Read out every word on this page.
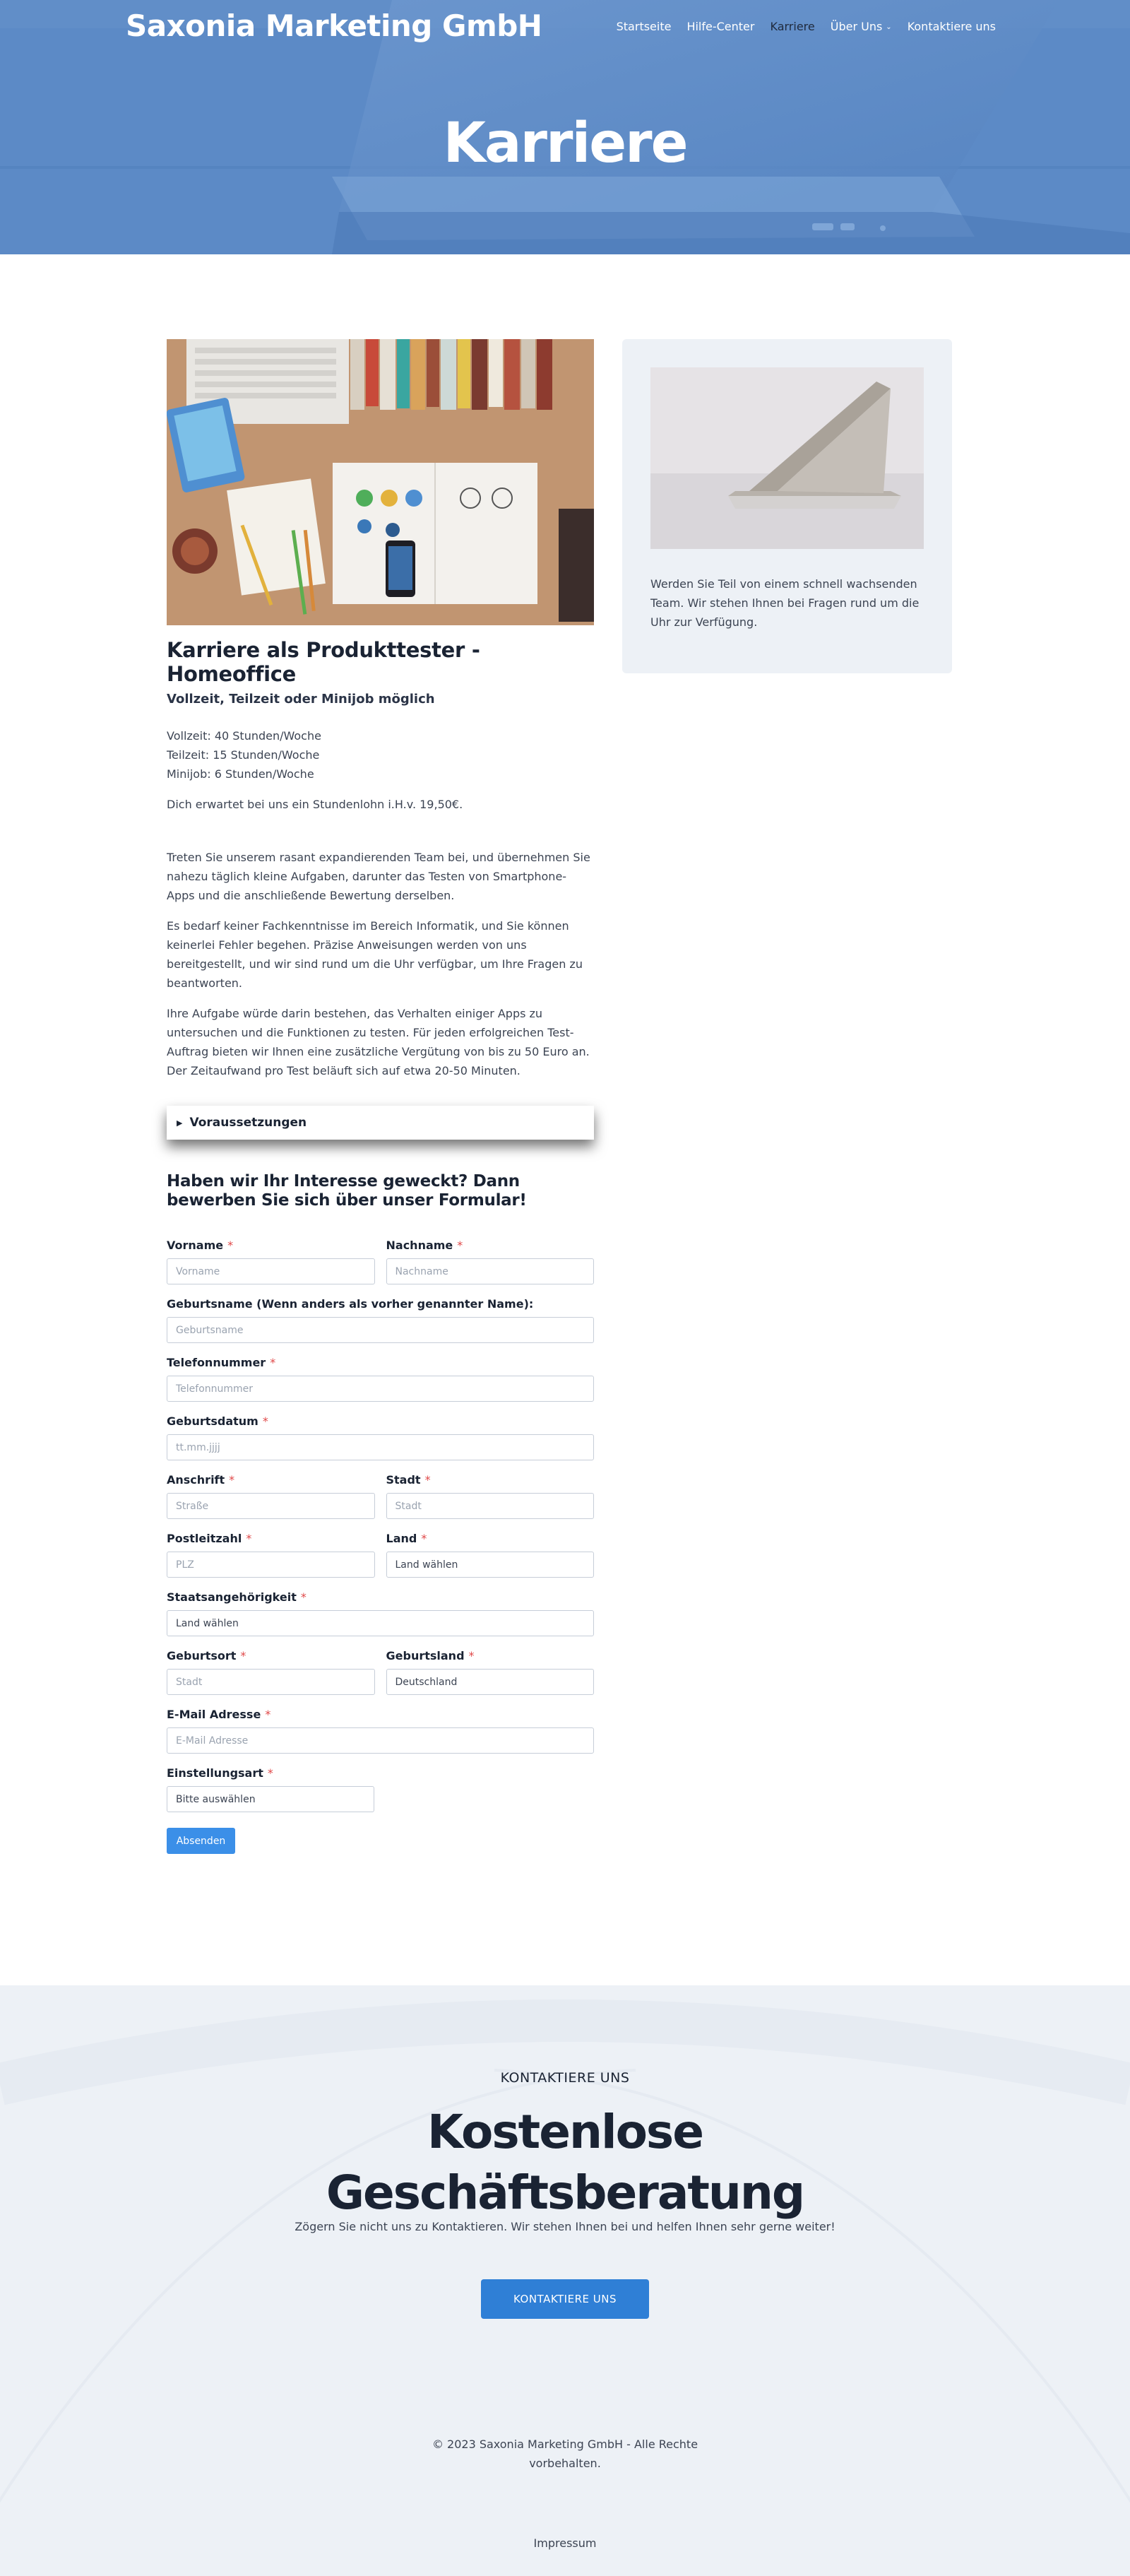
Saxonia Marketing GmbH	Startseite Hilfe-Center Karriere Über Uns ⌄ Kontaktiere uns
Karriere
Karriere als Produkttester - Homeoffice
Vollzeit, Teilzeit oder Minijob möglich
Vollzeit: 40 Stunden/Woche
Teilzeit: 15 Stunden/Woche
Minijob: 6 Stunden/Woche

Dich erwartet bei uns ein Stundenlohn i.H.v. 19,50€.

Treten Sie unserem rasant expandierenden Team bei, und übernehmen Sie nahezu täglich kleine Aufgaben, darunter das Testen von Smartphone-Apps und die anschließende Bewertung derselben.

Es bedarf keiner Fachkenntnisse im Bereich Informatik, und Sie können keinerlei Fehler begehen. Präzise Anweisungen werden von uns bereitgestellt, und wir sind rund um die Uhr verfügbar, um Ihre Fragen zu beantworten.

Ihre Aufgabe würde darin bestehen, das Verhalten einiger Apps zu untersuchen und die Funktionen zu testen. Für jeden erfolgreichen Test-Auftrag bieten wir Ihnen eine zusätzliche Vergütung von bis zu 50 Euro an. Der Zeitaufwand pro Test beläuft sich auf etwa 20-50 Minuten.

▶ Voraussetzungen
Haben wir Ihr Interesse geweckt? Dann bewerben Sie sich über unser Formular!
Vorname *
Vorname
Nachname *
Nachname
Geburtsname (Wenn anders als vorher genannter Name):
Geburtsname
Telefonnummer *
Telefonnummer
Geburtsdatum *
tt.mm.jjjj
Anschrift *
Straße
Stadt *
Stadt
Postleitzahl *
PLZ
Land *
Land wählen
Staatsangehörigkeit *
Land wählen
Geburtsort *
Stadt
Geburtsland *
Deutschland
E-Mail Adresse *
E-Mail Adresse
Einstellungsart *
Bitte auswählen
Absenden

Werden Sie Teil von einem schnell wachsenden Team. Wir stehen Ihnen bei Fragen rund um die Uhr zur Verfügung.

KONTAKTIERE UNS
Kostenlose
Geschäftsberatung

Zögern Sie nicht uns zu Kontaktieren. Wir stehen Ihnen bei und helfen Ihnen sehr gerne weiter!

KONTAKTIERE UNS

© 2023 Saxonia Marketing GmbH - Alle Rechte vorbehalten.

Impressum
